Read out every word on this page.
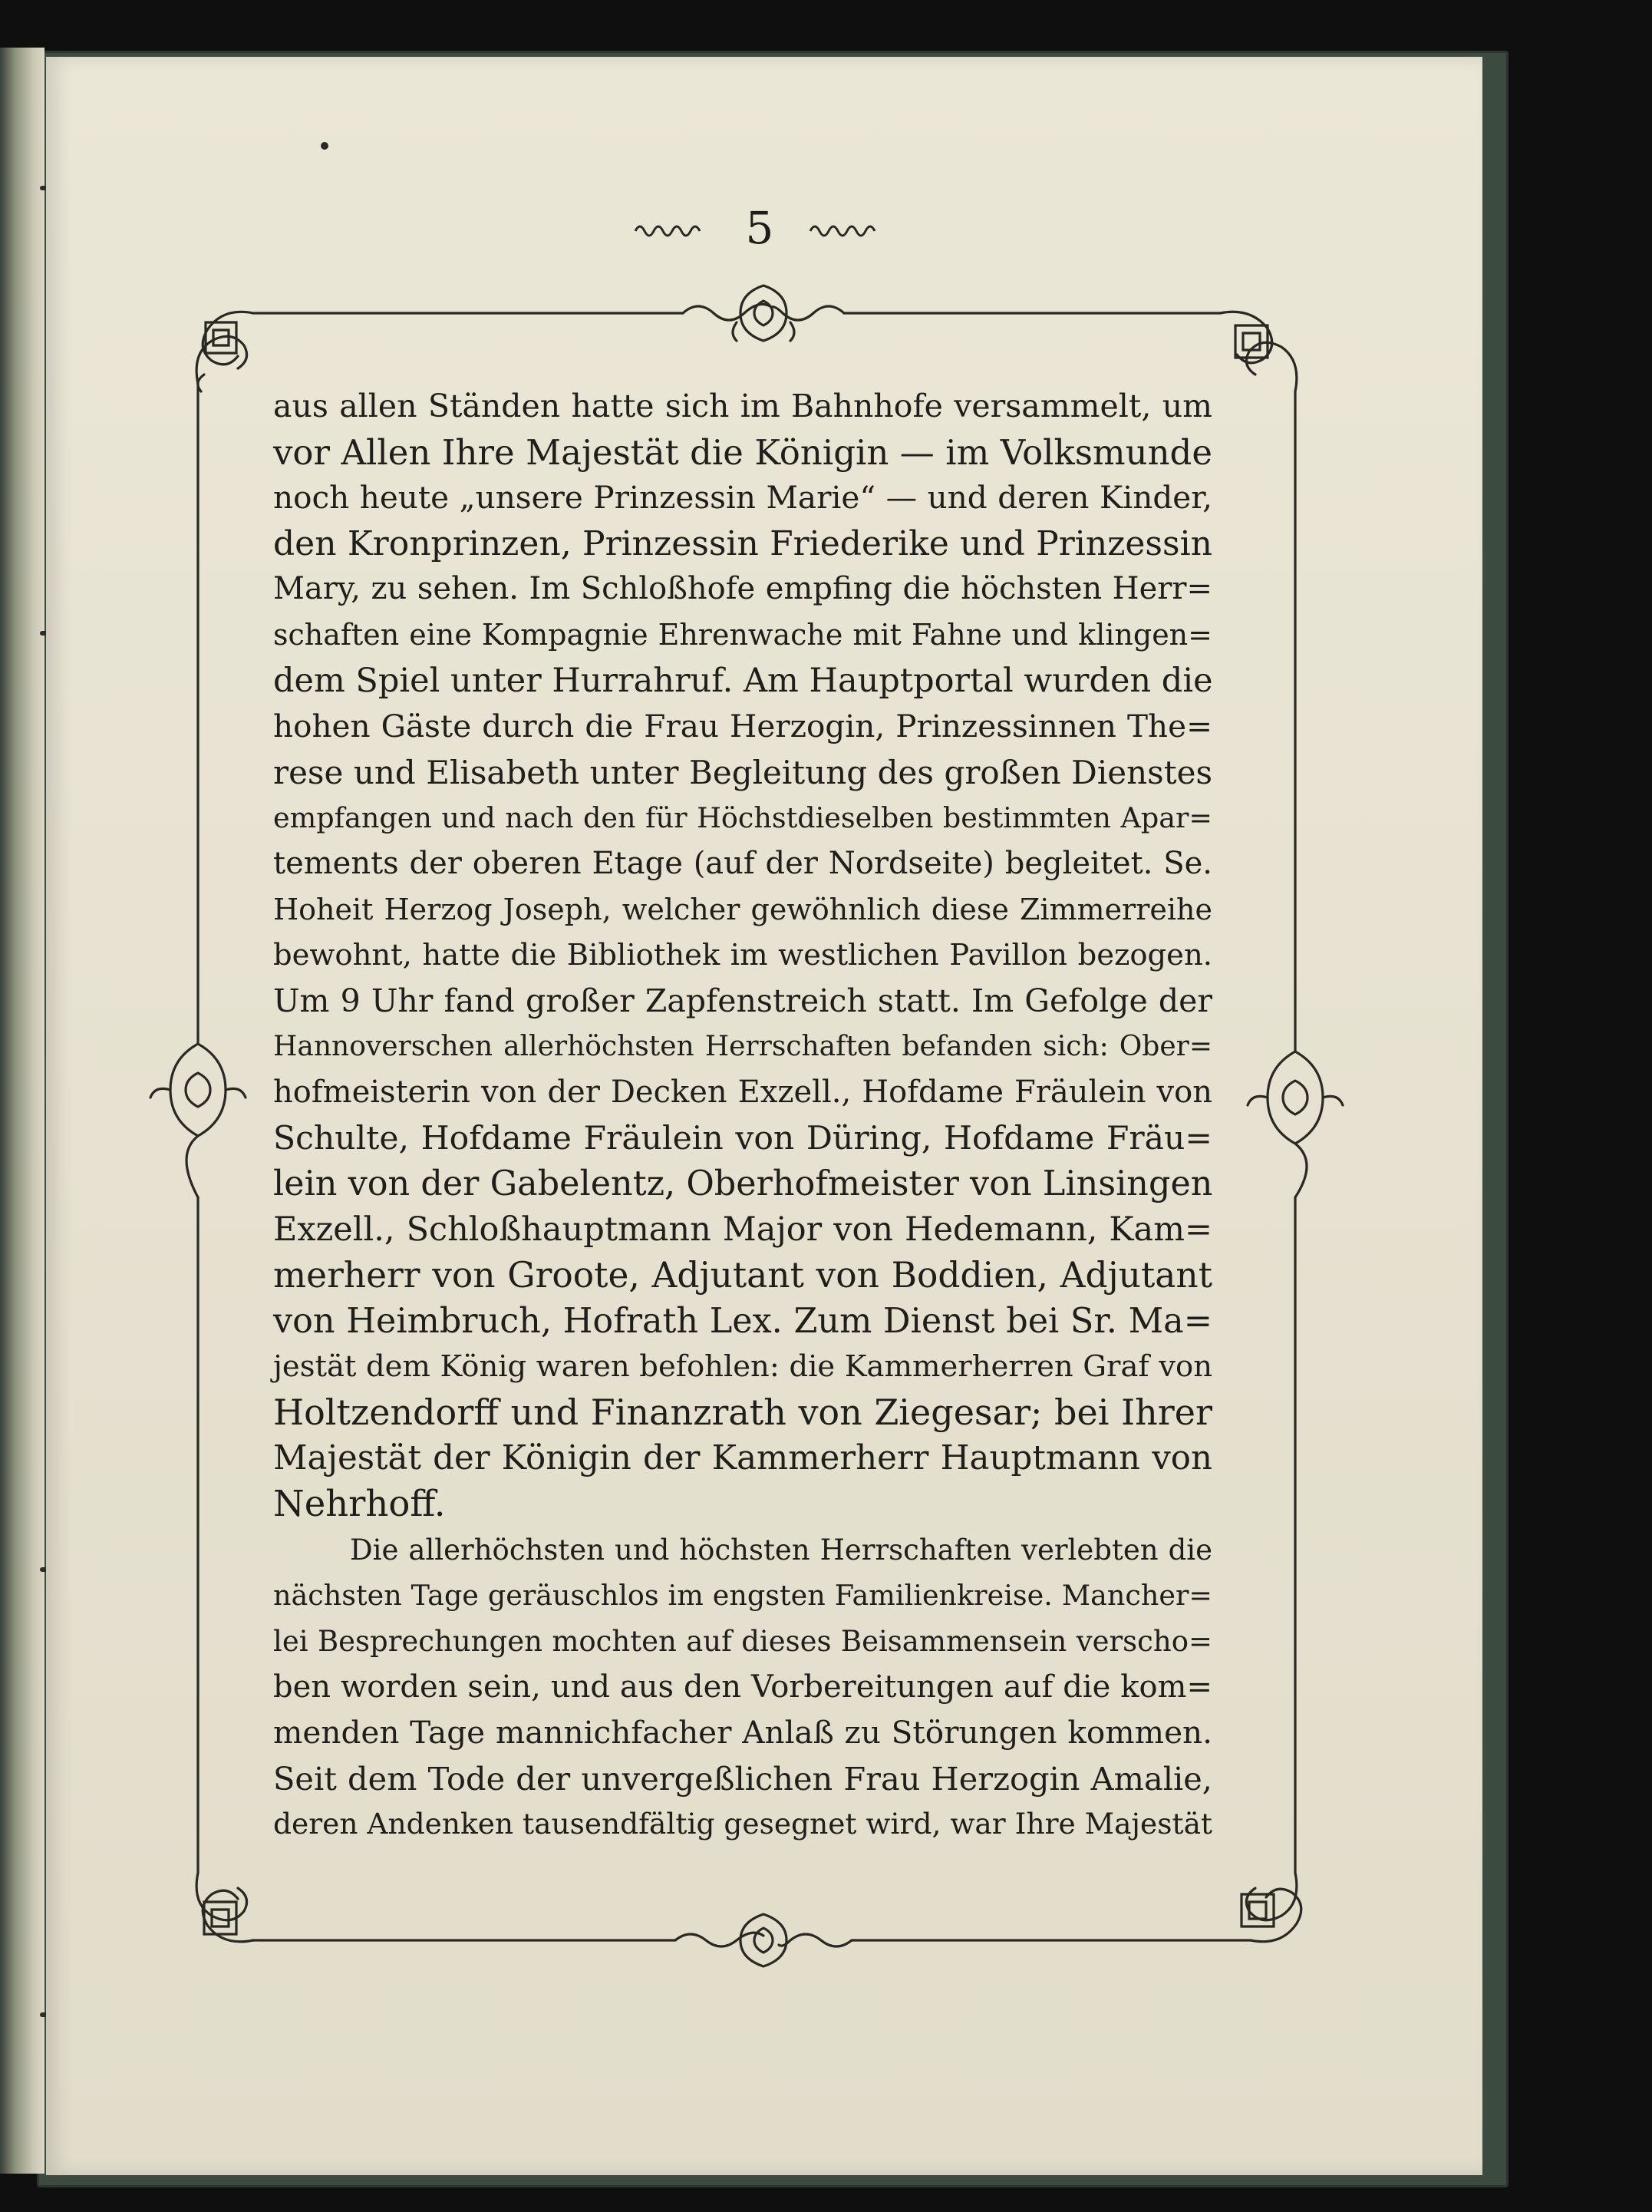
5
aus allen Ständen hatte sich im Bahnhofe versammelt, um
vor Allen Ihre Majestät die Königin — im Volksmunde
noch heute „unsere Prinzessin Marie“ — und deren Kinder,
den Kronprinzen, Prinzessin Friederike und Prinzessin
Mary, zu sehen. Im Schloßhofe empfing die höchsten Herr=
schaften eine Kompagnie Ehrenwache mit Fahne und klingen=
dem Spiel unter Hurrahruf. Am Hauptportal wurden die
hohen Gäste durch die Frau Herzogin, Prinzessinnen The=
rese und Elisabeth unter Begleitung des großen Dienstes
empfangen und nach den für Höchstdieselben bestimmten Apar=
tements der oberen Etage (auf der Nordseite) begleitet. Se.
Hoheit Herzog Joseph, welcher gewöhnlich diese Zimmerreihe
bewohnt, hatte die Bibliothek im westlichen Pavillon bezogen.
Um 9 Uhr fand großer Zapfenstreich statt. Im Gefolge der
Hannoverschen allerhöchsten Herrschaften befanden sich: Ober=
hofmeisterin von der Decken Exzell., Hofdame Fräulein von
Schulte, Hofdame Fräulein von Düring, Hofdame Fräu=
lein von der Gabelentz, Oberhofmeister von Linsingen
Exzell., Schloßhauptmann Major von Hedemann, Kam=
merherr von Groote, Adjutant von Boddien, Adjutant
von Heimbruch, Hofrath Lex. Zum Dienst bei Sr. Ma=
jestät dem König waren befohlen: die Kammerherren Graf von
Holtzendorff und Finanzrath von Ziegesar; bei Ihrer
Majestät der Königin der Kammerherr Hauptmann von
Nehrhoff.
Die allerhöchsten und höchsten Herrschaften verlebten die
nächsten Tage geräuschlos im engsten Familienkreise. Mancher=
lei Besprechungen mochten auf dieses Beisammensein verscho=
ben worden sein, und aus den Vorbereitungen auf die kom=
menden Tage mannichfacher Anlaß zu Störungen kommen.
Seit dem Tode der unvergeßlichen Frau Herzogin Amalie,
deren Andenken tausendfältig gesegnet wird, war Ihre Majestät
